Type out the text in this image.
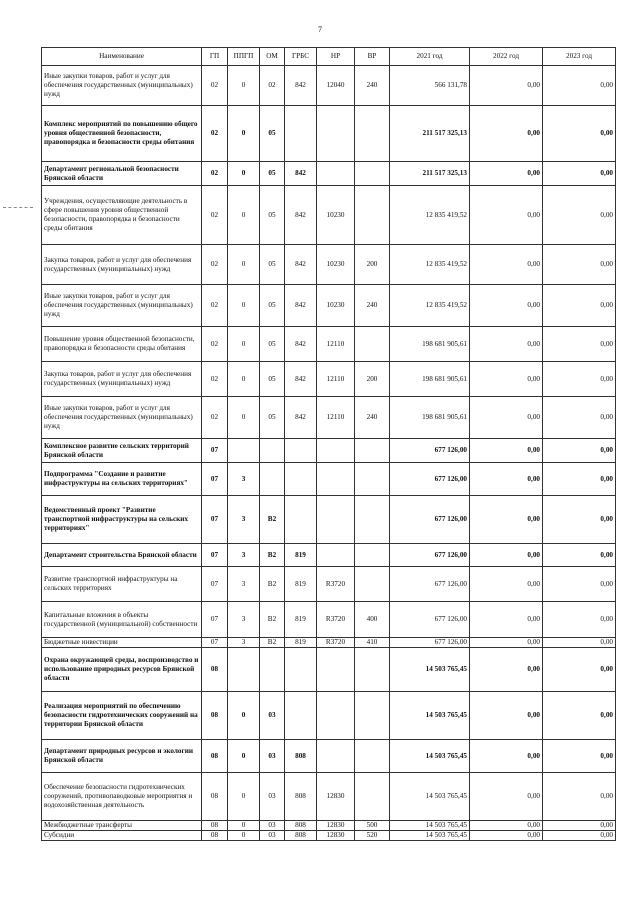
7
Наименование	ГП	ППГП	ОМ	ГРБС	НР	ВР	2021 год	2022 год	2023 год
Иные закупки товаров, работ и услуг для обеспечения государственных (муниципальных) нужд	02	0	02	842	12040	240	566 131,78	0,00	0,00
Комплекс мероприятий по повышению общего уровня общественной безопасности, правопорядка и безопасности среды обитания	02	0	05				211 517 325,13	0,00	0,00
Департамент региональной безопасности Брянской области	02	0	05	842			211 517 325,13	0,00	0,00
Учреждения, осуществляющие деятельность в сфере повышения уровня общественной безопасности, правопорядка и безопасности среды обитания	02	0	05	842	10230		12 835 419,52	0,00	0,00
Закупка товаров, работ и услуг для обеспечения государственных (муниципальных) нужд	02	0	05	842	10230	200	12 835 419,52	0,00	0,00
Иные закупки товаров, работ и услуг для обеспечения государственных (муниципальных) нужд	02	0	05	842	10230	240	12 835 419,52	0,00	0,00
Повышение уровня общественной безопасности, правопорядка и безопасности среды обитания	02	0	05	842	12110		198 681 905,61	0,00	0,00
Закупка товаров, работ и услуг для обеспечения государственных (муниципальных) нужд	02	0	05	842	12110	200	198 681 905,61	0,00	0,00
Иные закупки товаров, работ и услуг для обеспечения государственных (муниципальных) нужд	02	0	05	842	12110	240	198 681 905,61	0,00	0,00
Комплексное развитие сельских территорий Брянской области	07						677 126,00	0,00	0,00
Подпрограмма "Создание и развитие инфраструктуры на сельских территориях"	07	3					677 126,00	0,00	0,00
Ведомственный проект "Развитие транспортной инфраструктуры на сельских территориях"	07	3	В2				677 126,00	0,00	0,00
Департамент строительства Брянской области	07	3	В2	819			677 126,00	0,00	0,00
Развитие транспортной инфраструктуры на сельских территориях	07	3	В2	819	R3720		677 126,00	0,00	0,00
Капитальные вложения в объекты государственной (муниципальной) собственности	07	3	В2	819	R3720	400	677 126,00	0,00	0,00
Бюджетные инвестиции	07	3	В2	819	R3720	410	677 126,00	0,00	0,00
Охрана окружающей среды, воспроизводство и использование природных ресурсов Брянской области	08						14 503 765,45	0,00	0,00
Реализация мероприятий по обеспечению безопасности гидротехнических сооружений на территории Брянской области	08	0	03				14 503 765,45	0,00	0,00
Департамент природных ресурсов и экологии Брянской области	08	0	03	808			14 503 765,45	0,00	0,00
Обеспечение безопасности гидротехнических сооружений, противопаводковые мероприятия и водохозяйственная деятельность	08	0	03	808	12830		14 503 765,45	0,00	0,00
Межбюджетные трансферты	08	0	03	808	12830	500	14 503 765,45	0,00	0,00
Субсидии	08	0	03	808	12830	520	14 503 765,45	0,00	0,00
